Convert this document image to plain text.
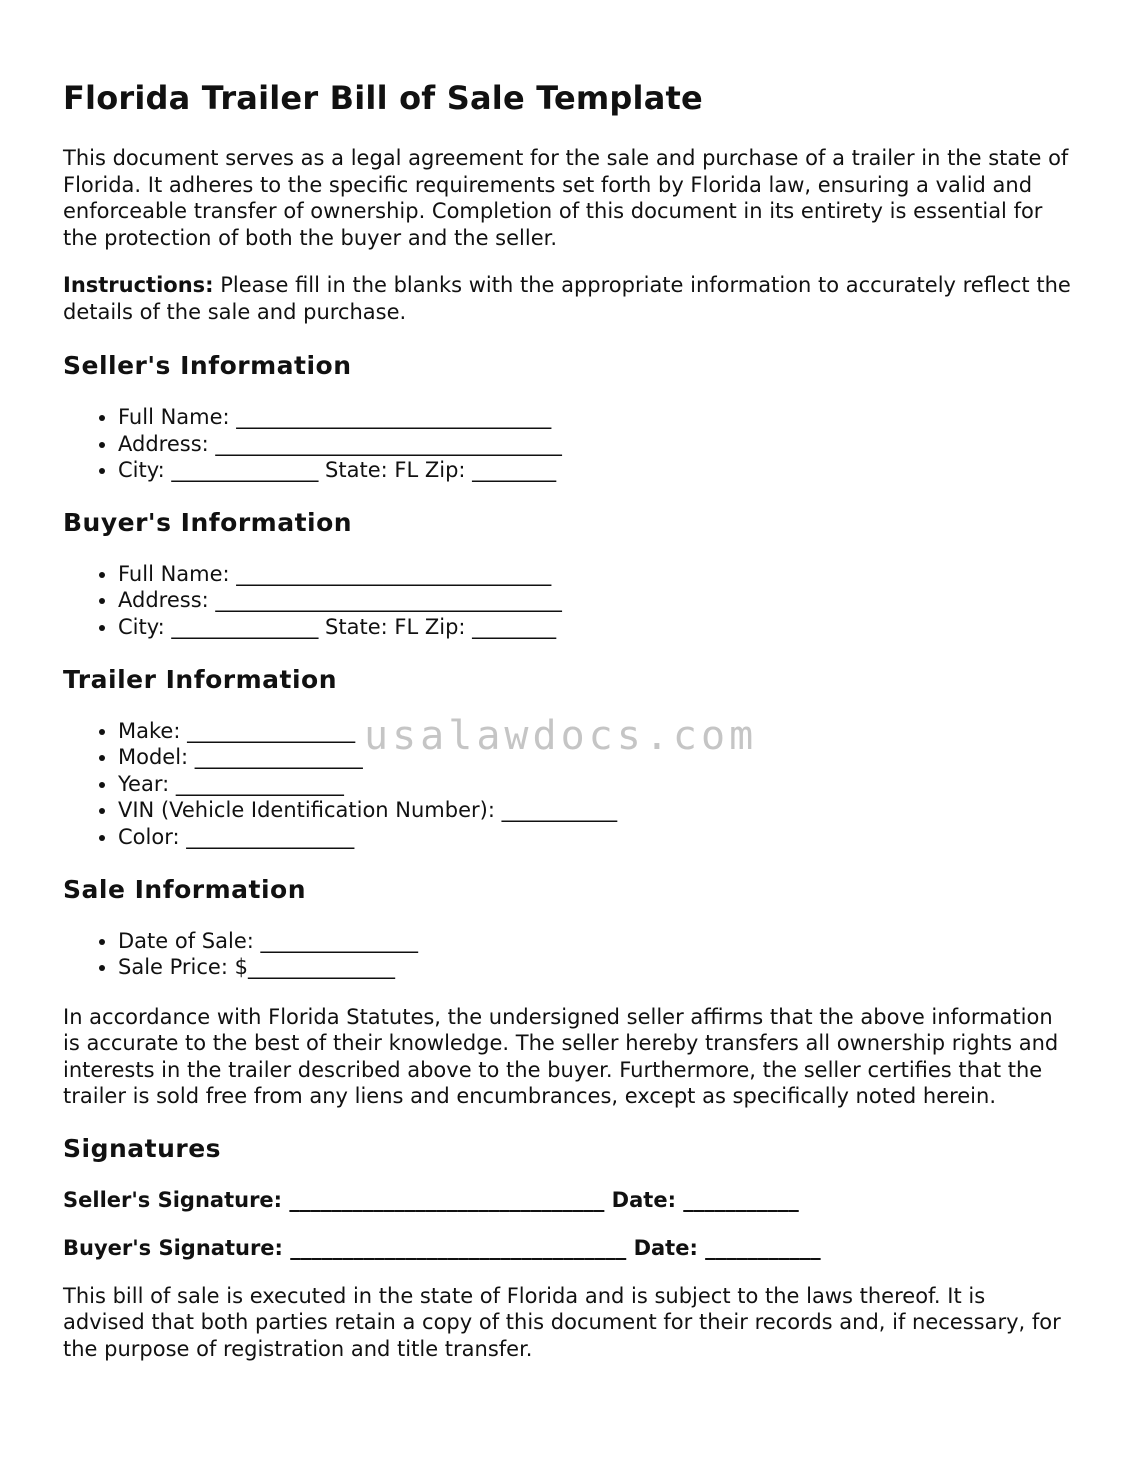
Florida Trailer Bill of Sale Template

This document serves as a legal agreement for the sale and purchase of a trailer in the state of Florida. It adheres to the specific requirements set forth by Florida law, ensuring a valid and enforceable transfer of ownership. Completion of this document in its entirety is essential for the protection of both the buyer and the seller.

Instructions: Please fill in the blanks with the appropriate information to accurately reflect the details of the sale and purchase.

Seller's Information
• Full Name: ______________________________
• Address: _________________________________
• City: ______________ State: FL Zip: ________
Buyer's Information
• Full Name: ______________________________
• Address: _________________________________
• City: ______________ State: FL Zip: ________
Trailer Information
• Make: ________________
• Model: ________________
• Year: ________________
• VIN (Vehicle Identification Number): ___________
• Color: ________________
Sale Information
• Date of Sale: _______________
• Sale Price: $______________

In accordance with Florida Statutes, the undersigned seller affirms that the above information is accurate to the best of their knowledge. The seller hereby transfers all ownership rights and interests in the trailer described above to the buyer. Furthermore, the seller certifies that the trailer is sold free from any liens and encumbrances, except as specifically noted herein.

Signatures

Seller's Signature: ______________________________ Date: ___________

Buyer's Signature: ________________________________ Date: ___________

This bill of sale is executed in the state of Florida and is subject to the laws thereof. It is advised that both parties retain a copy of this document for their records and, if necessary, for the purpose of registration and title transfer.

usalawdocs.com
